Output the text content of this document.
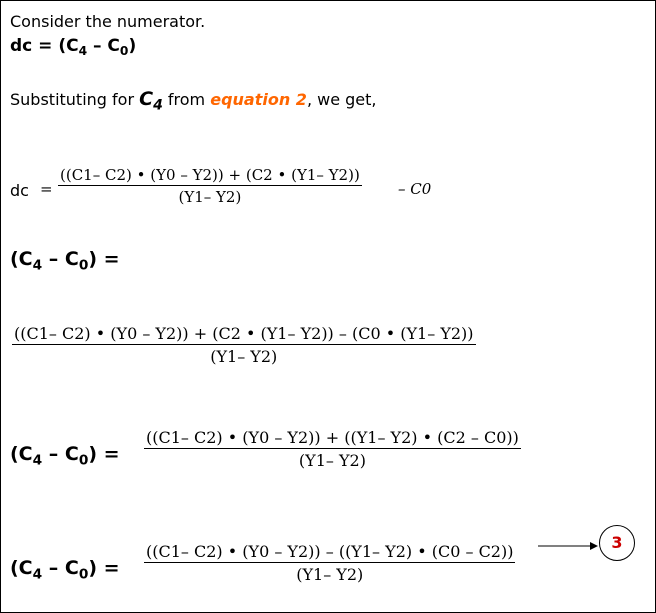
Consider the numerator.
dc = $(C_4 - C_0)$
Substituting for C4 from equation 2, we get,
dc = $\frac{((C1- C2) • (Y0 - Y2)) + (C2 • (Y1- Y2))}{(Y1- Y2)} - C0$
$(C_4 - C_0)$ =
$\frac{((C1- C2) • (Y0 - Y2)) + (C2 • (Y1- Y2)) - (C0 • (Y1- Y2))}{(Y1- Y2)}$
$(C_4 - C_0) = \frac{((C1- C2) • (Y0 - Y2)) + ((Y1- Y2) • (C2 - C0))}{(Y1- Y2)}$
$(C_4 - C_0) = \frac{((C1- C2) • (Y0 - Y2)) - ((Y1- Y2) • (C0 - C2))}{(Y1- Y2)}$	3
